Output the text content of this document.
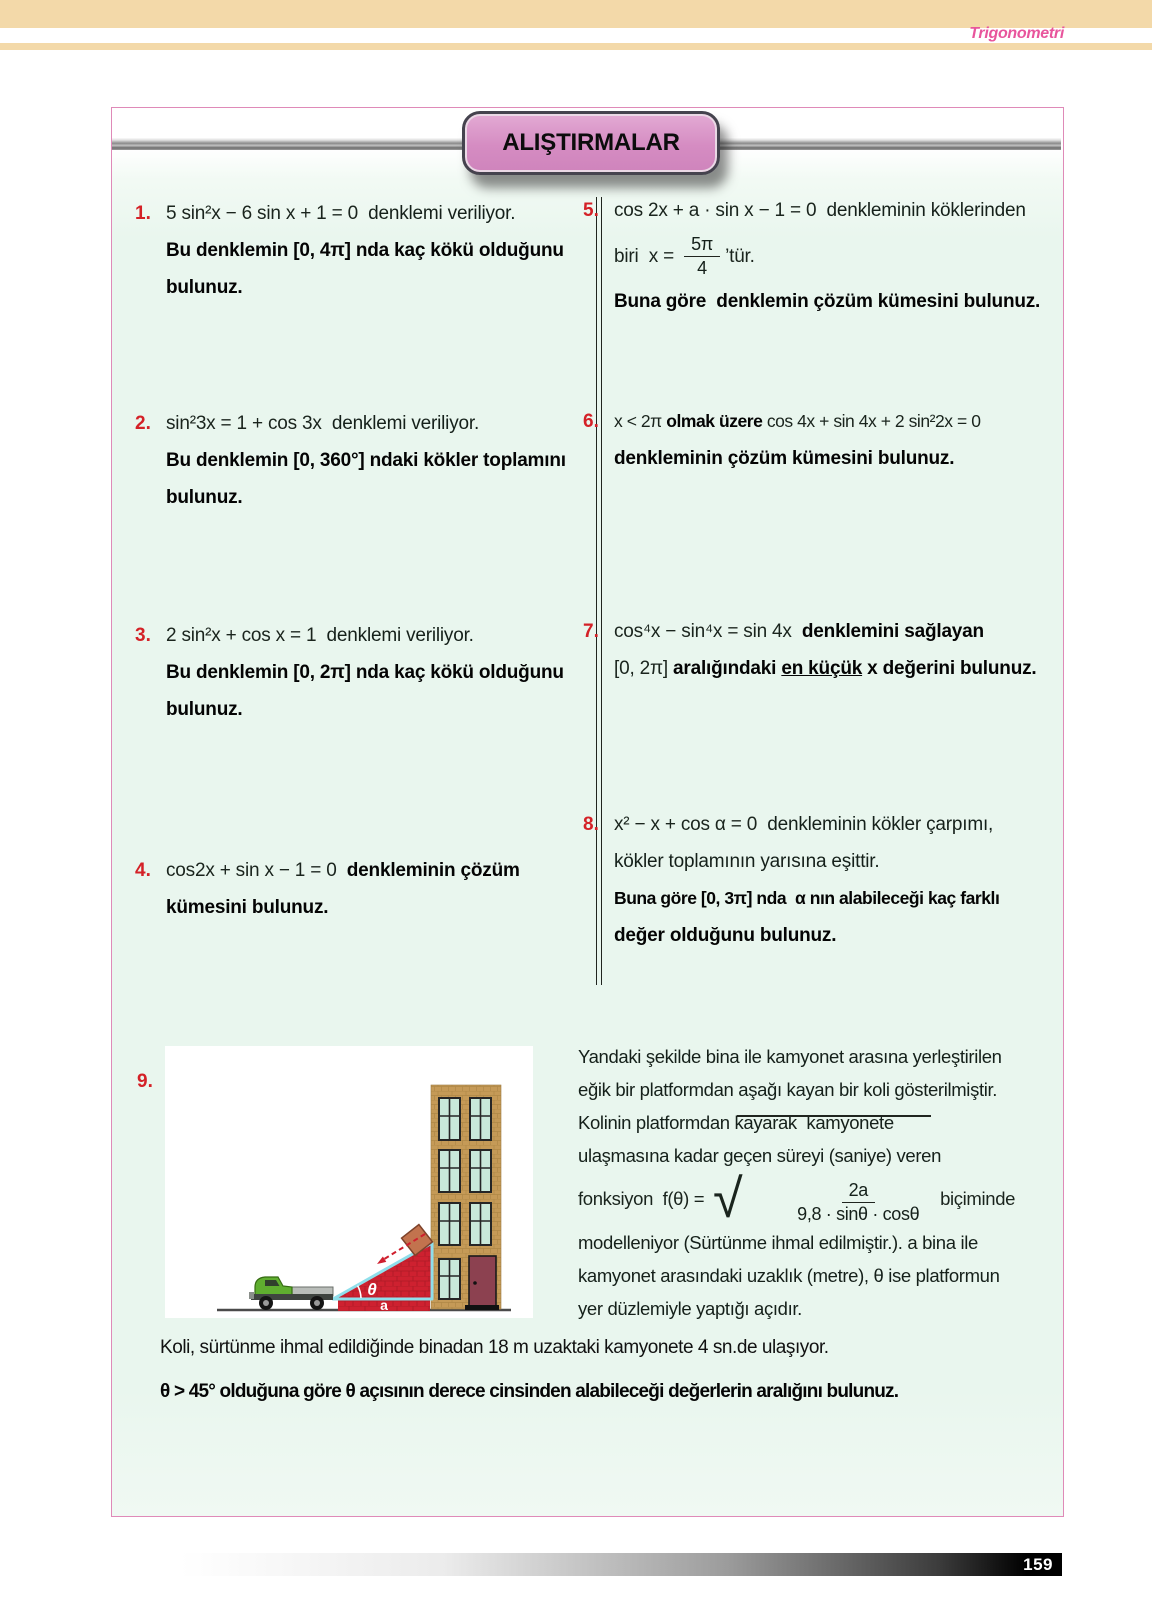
Trigonometri
ALIŞTIRMALAR
1. 5 sin²x − 6 sin x + 1 = 0 denklemi veriliyor.
Bu denklemin [0, 4π] nda kaç kökü olduğunu
bulunuz.
2. sin²3x = 1 + cos 3x denklemi veriliyor.
Bu denklemin [0, 360°] ndaki kökler toplamını
bulunuz.
3. 2 sin²x + cos x = 1 denklemi veriliyor.
Bu denklemin [0, 2π] nda kaç kökü olduğunu
bulunuz.
4. cos2x + sin x − 1 = 0 denkleminin çözüm
kümesini bulunuz.
5. cos 2x + a · sin x − 1 = 0 denkleminin köklerinden
biri  $x = \frac{5\pi}{4}$ ’tür.
Buna göre  denklemin çözüm kümesini bulunuz.
6. x < 2π olmak üzere cos 4x + sin 4x + 2 sin²2x = 0
denkleminin çözüm kümesini bulunuz.
7. cos⁴x − sin⁴x = sin 4x denklemini sağlayan
[0, 2π] aralığındaki en küçük x değerini bulunuz.
8. x² − x + cos α = 0 denkleminin kökler çarpımı,
kökler toplamının yarısına eşittir.
Buna göre [0, 3π] nda  α nın alabileceği kaç farklı
değer olduğunu bulunuz.
9.
θ
a
Yandaki şekilde bina ile kamyonet arasına yerleştirilen
eğik bir platformdan aşağı kayan bir koli gösterilmiştir.
Kolinin platformdan kayarak  kamyonete
ulaşmasına kadar geçen süreyi (saniye) veren
fonksiyon  f(θ) = √

	$\frac{2a}{9,8 \cdot \sin\theta \cdot \cos\theta}$

biçiminde
modelleniyor (Sürtünme ihmal edilmiştir.). a bina ile
kamyonet arasındaki uzaklık (metre), θ ise platformun
yer düzlemiyle yaptığı açıdır.
Koli, sürtünme ihmal edildiğinde binadan 18 m uzaktaki kamyonete 4 sn.de ulaşıyor.
θ > 45° olduğuna göre θ açısının derece cinsinden alabileceği değerlerin aralığını bulunuz.
159
